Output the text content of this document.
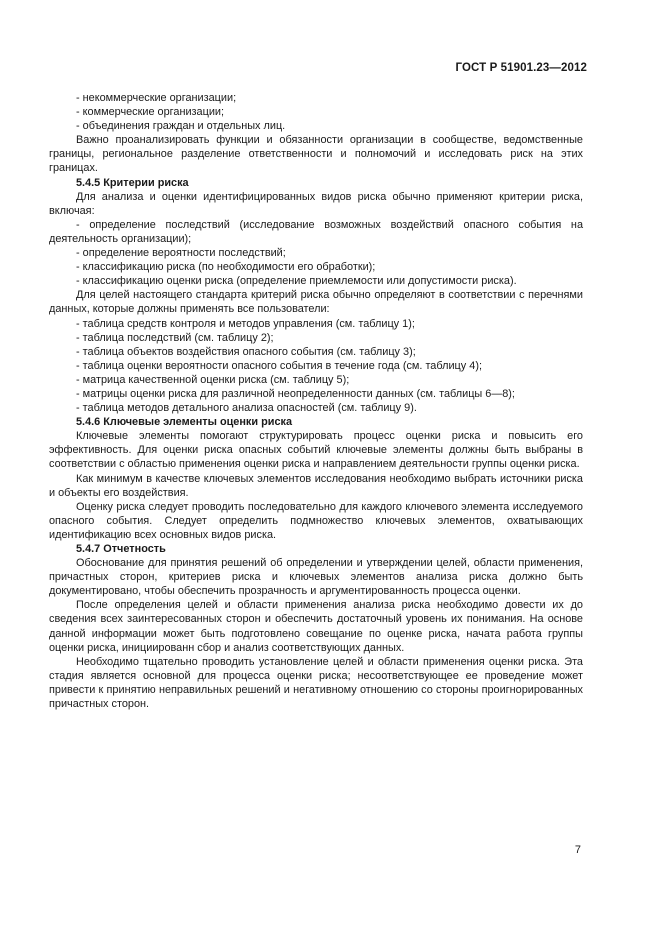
ГОСТ Р 51901.23—2012
- некоммерческие организации;
- коммерческие организации;
- объединения граждан и отдельных лиц.
Важно проанализировать функции и обязанности организации в сообществе, ведомственные границы, региональное разделение ответственности и полномочий и исследовать риск на этих границах.
5.4.5 Критерии риска
Для анализа и оценки идентифицированных видов риска обычно применяют критерии риска, включая:
- определение последствий (исследование возможных воздействий опасного события на деятельность организации);
- определение вероятности последствий;
- классификацию риска (по необходимости его обработки);
- классификацию оценки риска (определение приемлемости или допустимости риска).
Для целей настоящего стандарта критерий риска обычно определяют в соответствии с перечнями данных, которые должны применять все пользователи:
- таблица средств контроля и методов управления (см. таблицу 1);
- таблица последствий (см. таблицу 2);
- таблица объектов воздействия опасного события (см. таблицу 3);
- таблица оценки вероятности опасного события в течение года (см. таблицу 4);
- матрица качественной оценки риска (см. таблицу 5);
- матрицы оценки риска для различной неопределенности данных (см. таблицы 6—8);
- таблица методов детального анализа опасностей (см. таблицу 9).
5.4.6 Ключевые элементы оценки риска
Ключевые элементы помогают структурировать процесс оценки риска и повысить его эффективность. Для оценки риска опасных событий ключевые элементы должны быть выбраны в соответствии с областью применения оценки риска и направлением деятельности группы оценки риска.
Как минимум в качестве ключевых элементов исследования необходимо выбрать источники риска и объекты его воздействия.
Оценку риска следует проводить последовательно для каждого ключевого элемента исследуемого опасного события. Следует определить подмножество ключевых элементов, охватывающих идентификацию всех основных видов риска.
5.4.7 Отчетность
Обоснование для принятия решений об определении и утверждении целей, области применения, причастных сторон, критериев риска и ключевых элементов анализа риска должно быть документировано, чтобы обеспечить прозрачность и аргументированность процесса оценки.
После определения целей и области применения анализа риска необходимо довести их до сведения всех заинтересованных сторон и обеспечить достаточный уровень их понимания. На основе данной информации может быть подготовлено совещание по оценке риска, начата работа группы оценки риска, инициированн сбор и анализ соответствующих данных.
Необходимо тщательно проводить установление целей и области применения оценки риска. Эта стадия является основной для процесса оценки риска; несоответствующее ее проведение может привести к принятию неправильных решений и негативному отношению со стороны проигнорированных причастных сторон.
7
